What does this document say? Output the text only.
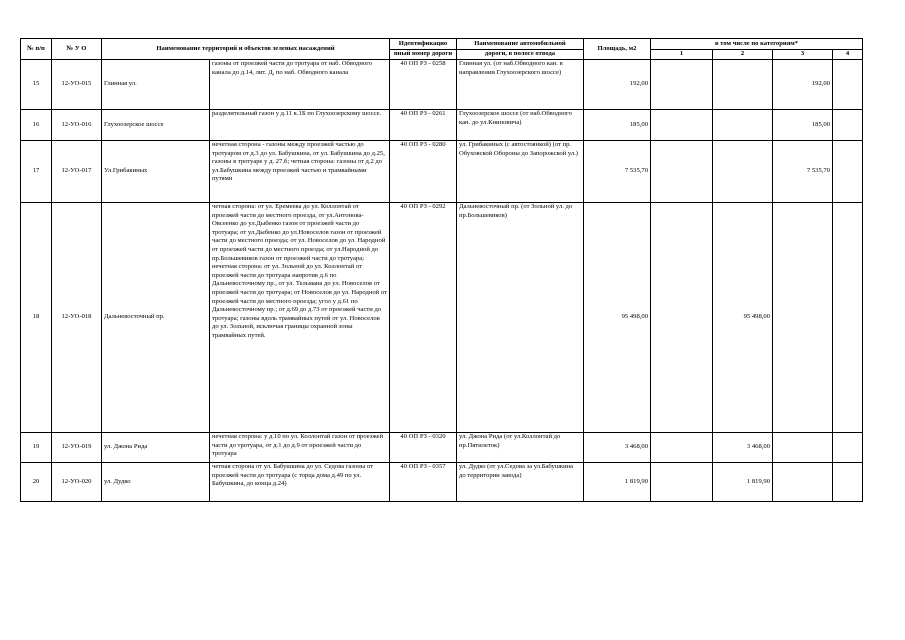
№ п/п	№ У О	Наименование территорий и объектов зеленых насаждений		Идентификацио	Наименование автомобильной	Площадь, м2	в том числе по категориям*			
				нный номер дороги	дороги, в полосе отвода		1	2	3	4
15	12-УО-015	Глинная ул.	газоны от проезжей части до тротуара от наб. Обводного канала до д.14, лит. Д, по наб. Обводного канала	40 ОП РЗ - 0258	Глинная ул. (от наб.Обводного кан. в направлении Глухоозерского шоссе)	192,00			192,00	
16	12-УО-016	Глухоозерское шоссе	разделительный газон у д.11 к.1Б по Глухоозерскому шоссе.	40 ОП РЗ - 0261	Глухоозерское шоссе (от наб.Обводного кан. до ул.Книповича)	185,00			185,00	
17	12-УО-017	Ул.Грибакиных	нечетная сторона - газоны между проезжей частью до тротуаром от д.3 до ул. Бабушкина, от ул. Бабушкина до д.25, газоны в тротуаре у д. 27.б; четная сторона: газоны от д.2 до ул.Бабушкина между проезжей частью и трамвайными путями	40 ОП РЗ - 0280	ул. Грибакиных (с автостоянкой) (от пр. Обуховской Обороны до Запорожской ул.)	7 535,70			7 535,70	
18	12-УО-018	Дальневосточный пр.	четная сторона: от ул. Еремеева до ул. Коллонтай от проезжей части до местного проезда, от ул.Антонова-Овсеенко до ул.Дыбенко газон от проезжей части до тротуара; от ул.Дыбенко до ул.Новоселов газон от проезжей части до местного проезда; от ул. Новоселов до ул. Народной от проезжей части до местного проезда; от ул.Народной до пр.Большевиков газон от проезжей части до тротуара; нечетная сторона: от ул. Зольной до ул. Коллонтай от проезжей части до тротуара напротив д.6 по Дальневосточному пр., от ул. Тельмана до ул. Новоселов от проезжей части до тротуара; от Новоселов до ул. Народной от проезжей части до местного проезда; угол у д.61 по Дальневосточному пр.; от д.69 до д.73 от проезжей части до тротуара; газоны вдоль трамвайных путей от ул. Новоселов до ул. Зольной, исключая границы охранной зоны трамвайных путей.	40 ОП РЗ - 0292	Дальневосточный пр. (от Зольной ул. до пр.Большевиков)	95 498,00		95 498,00		
19	12-УО-019	ул. Джона Рида	нечетная сторона: у д.10 по ул. Коллонтай газон от проезжей части до тротуара, от д.1 до д.9 от проезжей части до тротуара	40 ОП РЗ - 0320	ул. Джона Рида (от ул.Коллонтай до пр.Пятилеток)	3 468,00		3 468,00		
20	12-УО-020	ул. Дудко	четная сторона от ул. Бабушкина до ул. Седова газоны от проезжей части до тротуара (с торца дома д.49 по ул. Бабушкина, до конца д.24)	40 ОП РЗ - 0357	ул. Дудко (от ул.Седова за ул.Бабушкина до территории завода)	1 819,90		1 819,90		
